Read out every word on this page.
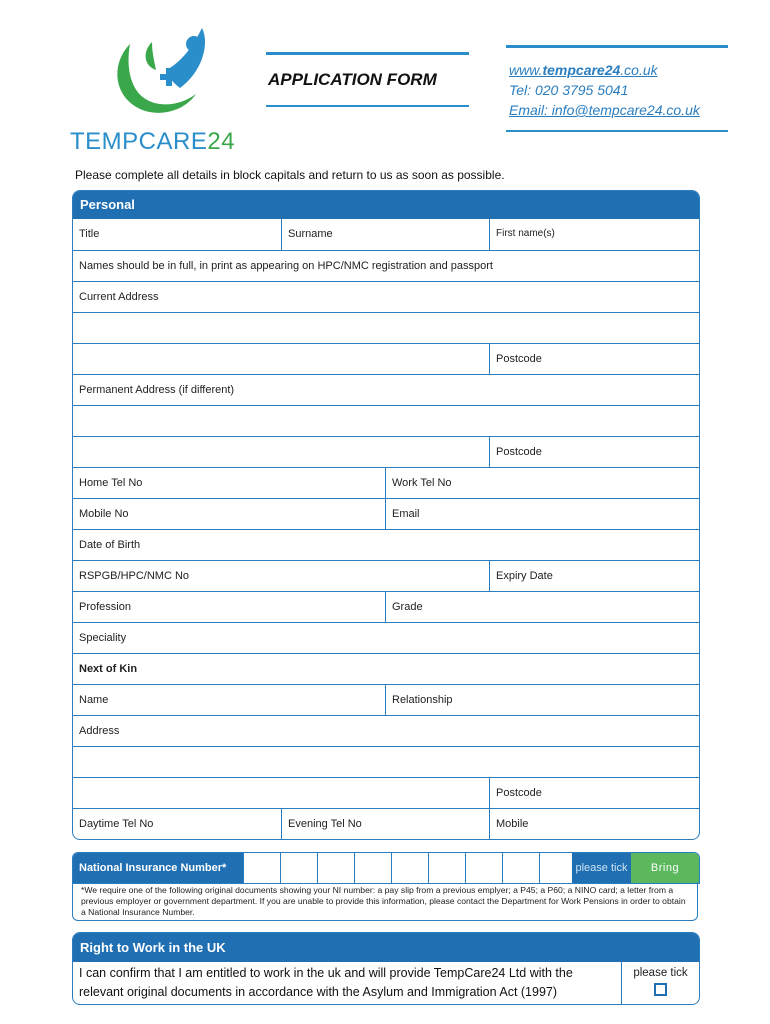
TEMPCARE24
APPLICATION FORM	www.tempcare24.co.uk
Tel: 020 3795 5041
Email: info@tempcare24.co.uk
Please complete all details in block capitals and return to us as soon as possible.
Personal
Title	Surname	First name(s)
Names should be in full, in print as appearing on HPC/NMC registration and passport
Current Address
Postcode
Permanent Address (if different)
Postcode
Home Tel No	Work Tel No
Mobile No	Email
Date of Birth
RSPGB/HPC/NMC No	Expiry Date
Profession	Grade
Speciality
Next of Kin
Name	Relationship
Address
Postcode
Daytime Tel No	Evening Tel No	Mobile
National Insurance Number*	please tick	Bring
*We require one of the following original documents showing your NI number: a pay slip from a previous emplyer; a P45; a P60; a NINO card; a letter from a previous employer or government department. If you are unable to provide this information, please contact the Department for Work Pensions in order to obtain a National Insurance Number.
Right to Work in the UK
I can confirm that I am entitled to work in the uk and will provide TempCare24 Ltd with the relevant original documents in accordance with the Asylum and Immigration Act (1997)
please tick
